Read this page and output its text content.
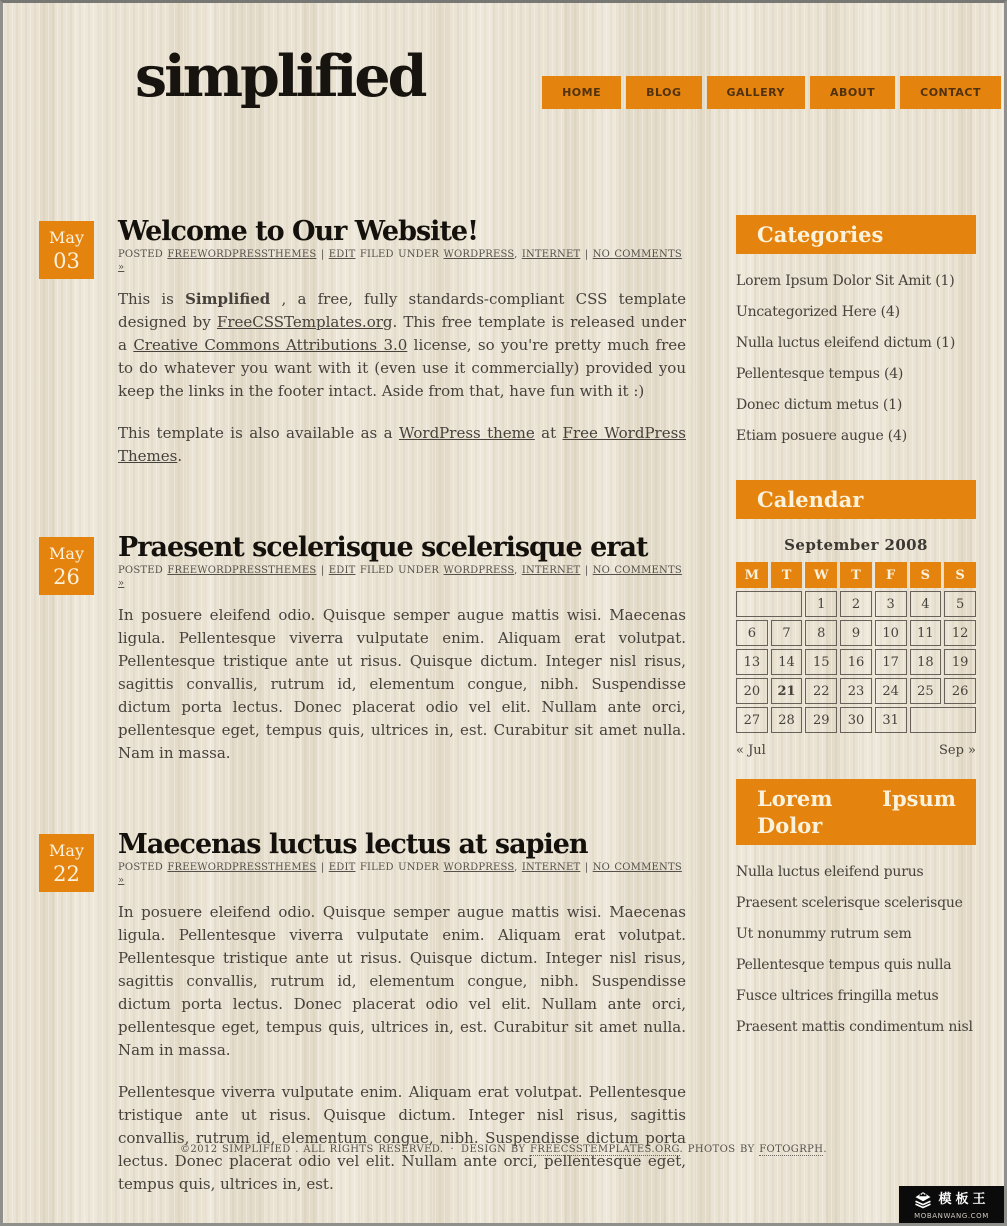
simplified	HOME	BLOG	GALLERY	ABOUT	CONTACT
May
03
Welcome to Our Website!

POSTED FREEWORDPRESSTHEMES | EDIT FILED UNDER WORDPRESS, INTERNET | NO COMMENTS »

This is Simplified , a free, fully standards-compliant CSS template designed by FreeCSSTemplates.org. This free template is released under a Creative Commons Attributions 3.0 license, so you're pretty much free to do whatever you want with it (even use it commercially) provided you keep the links in the footer intact. Aside from that, have fun with it :)

This template is also available as a WordPress theme at Free WordPress Themes.

May
26
Praesent scelerisque scelerisque erat

POSTED FREEWORDPRESSTHEMES | EDIT FILED UNDER WORDPRESS, INTERNET | NO COMMENTS »

In posuere eleifend odio. Quisque semper augue mattis wisi. Maecenas ligula. Pellentesque viverra vulputate enim. Aliquam erat volutpat. Pellentesque tristique ante ut risus. Quisque dictum. Integer nisl risus, sagittis convallis, rutrum id, elementum congue, nibh. Suspendisse dictum porta lectus. Donec placerat odio vel elit. Nullam ante orci, pellentesque eget, tempus quis, ultrices in, est. Curabitur sit amet nulla. Nam in massa.

May
22
Maecenas luctus lectus at sapien

POSTED FREEWORDPRESSTHEMES | EDIT FILED UNDER WORDPRESS, INTERNET | NO COMMENTS »

In posuere eleifend odio. Quisque semper augue mattis wisi. Maecenas ligula. Pellentesque viverra vulputate enim. Aliquam erat volutpat. Pellentesque tristique ante ut risus. Quisque dictum. Integer nisl risus, sagittis convallis, rutrum id, elementum congue, nibh. Suspendisse dictum porta lectus. Donec placerat odio vel elit. Nullam ante orci, pellentesque eget, tempus quis, ultrices in, est. Curabitur sit amet nulla. Nam in massa.

Pellentesque viverra vulputate enim. Aliquam erat volutpat. Pellentesque tristique ante ut risus. Quisque dictum. Integer nisl risus, sagittis convallis, rutrum id, elementum congue, nibh. Suspendisse dictum porta lectus. Donec placerat odio vel elit. Nullam ante orci, pellentesque eget, tempus quis, ultrices in, est.

Categories
Lorem Ipsum Dolor Sit Amit (1)
Uncategorized Here (4)
Nulla luctus eleifend dictum (1)
Pellentesque tempus (4)
Donec dictum metus (1)
Etiam posuere augue (4)
Calendar
September 2008
M	T	W	T	F	S	S
		1	2	3	4	5
6	7	8	9	10	11	12
13	14	15	16	17	18	19
20	21	22	23	24	25	26
27	28	29	30	31		
« Jul	Sep »
Lorem Ipsum
Dolor
Nulla luctus eleifend purus
Praesent scelerisque scelerisque
Ut nonummy rutrum sem
Pellentesque tempus quis nulla
Fusce ultrices fringilla metus
Praesent mattis condimentum nisl
©2012 SIMPLIFIED . ALL RIGHTS RESERVED. · DESIGN BY FREECSSTEMPLATES.ORG. PHOTOS BY FOTOGRPH.
模板王
MOBANWANG.COM
